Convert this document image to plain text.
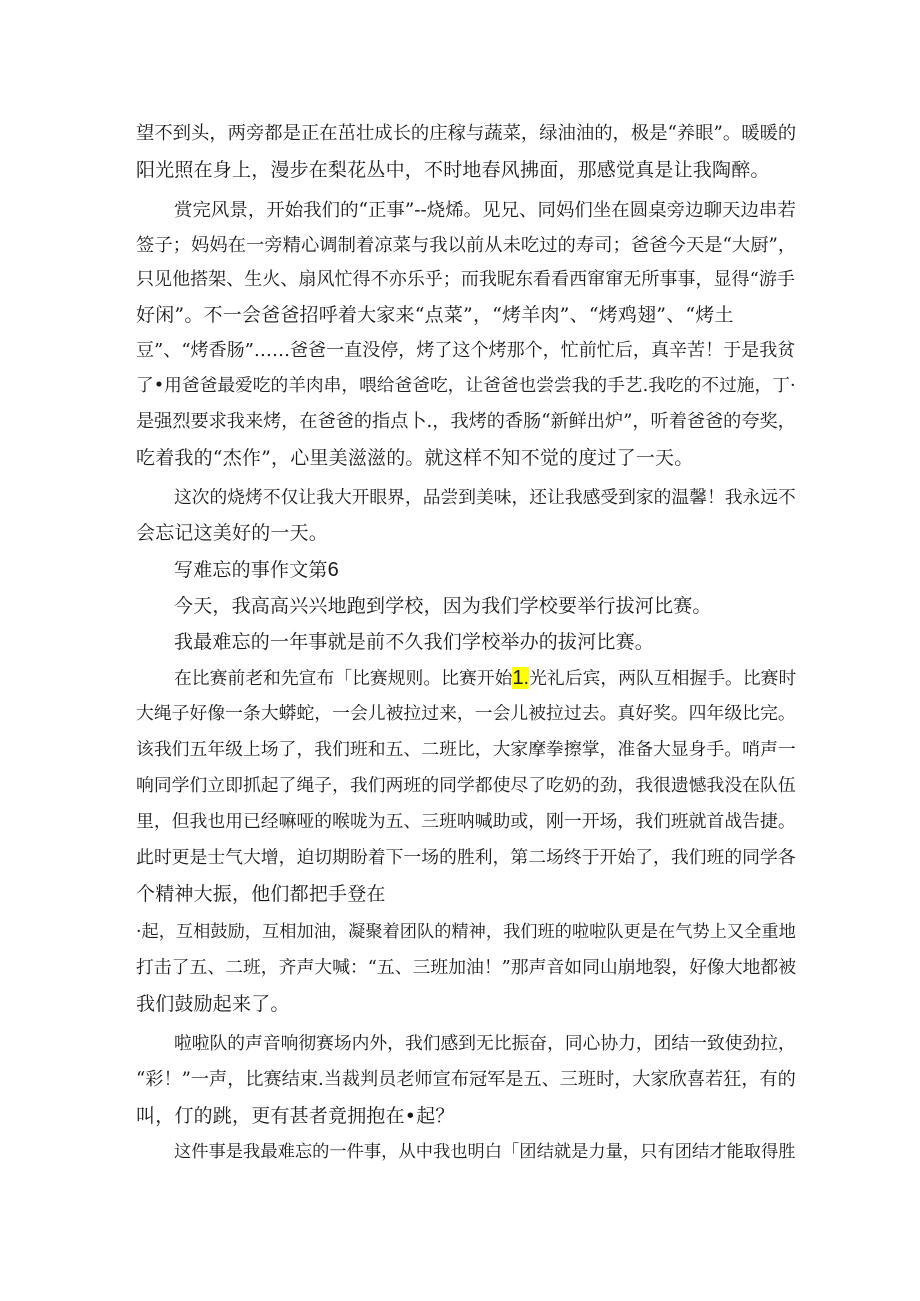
望不到头，两旁都是正在茁壮成长的庄稼与蔬菜，绿油油的，极是“养眼”。暖暖的
阳光照在身上，漫步在梨花丛中，不时地春风拂面，那感觉真是让我陶醉。
赏完风景，开始我们的“正事”--烧烯。见兄、同妈们坐在圆桌旁边聊天边串若
签子；妈妈在一旁精心调制着凉菜与我以前从未吃过的寿司；爸爸今天是“大厨”，
只见他搭架、生火、扇风忙得不亦乐乎；而我昵东看看西窜窜无所事事，显得“游手
好闲”。不一会爸爸招呼着大家来“点菜”，“烤羊肉”、“烤鸡翅”、“烤土
豆”、“烤香肠”……爸爸一直没停，烤了这个烤那个，忙前忙后，真辛苦！于是我贫
了•用爸爸最爱吃的羊肉串，喂给爸爸吃，让爸爸也尝尝我的手艺.我吃的不过施，丁·
是强烈要求我来烤，在爸爸的指点卜.，我烤的香肠“新鲜出炉”，听着爸爸的夸奖，
吃着我的“杰作”，心里美滋滋的。就这样不知不觉的度过了一天。
这次的烧烤不仅让我大开眼界，品尝到美味，还让我感受到家的温馨！我永远不
会忘记这美好的一天。
写难忘的事作文第6
今天，我高高兴兴地跑到学校，因为我们学校要举行拔河比赛。
我最难忘的一年事就是前不久我们学校举办的拔河比赛。
在比赛前老和先宣布「比赛规则。比赛开始1.光礼后宾，两队互相握手。比赛时
大绳子好像一条大蟒蛇，一会儿被拉过来，一会儿被拉过去。真好奖。四年级比完。
该我们五年级上场了，我们班和五、二班比，大家摩拳擦掌，准备大显身手。哨声一
响同学们立即抓起了绳子，我们两班的同学都使尽了吃奶的劲，我很遗憾我没在队伍
里，但我也用已经嘛哑的喉咙为五、三班呐喊助或，刚一开场，我们班就首战告捷。
此时更是士气大增，迫切期盼着下一场的胜利，第二场终于开始了，我们班的同学各
个精神大振，他们都把手登在
·起，互相鼓励，互相加油，凝聚着团队的精神，我们班的啦啦队更是在气势上又全重地
打击了五、二班，齐声大喊：“五、三班加油！”那声音如同山崩地裂，好像大地都被
我们鼓励起来了。
啦啦队的声音响彻赛场内外，我们感到无比振奋，同心协力，团结一致使劲拉，
“彩！”一声，比赛结束.当裁判员老师宣布冠军是五、三班时，大家欣喜若狂，有的
叫，仃的跳，更有甚者竟拥抱在•起？
这件事是我最难忘的一件事，从中我也明白「团结就是力量，只有团结才能取得胜
